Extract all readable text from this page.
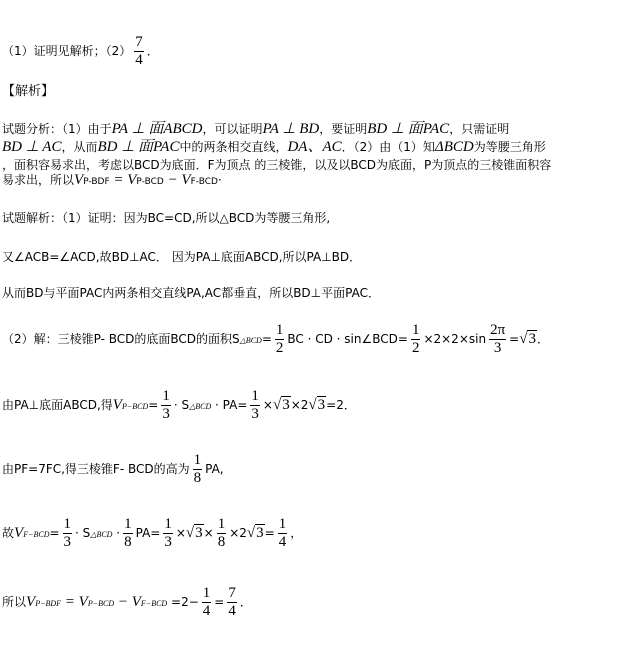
（1）证明见解析；$(2) \frac{7}{4}$ ．
【解析】
试题分析：（1）由于PA ⊥ 面ABCD，可以证明PA ⊥ BD，要证明BD ⊥ 面PAC，只需证明
BD ⊥ AC，从而BD ⊥ 面PAC中的两条相交直线，DA、AC．（2）由（1）知ΔBCD为等腰三角形
，面积容易求出，考虑以BCD为底面．F为顶点 的三棱锥，以及以BCD为底面，P为顶点的三棱锥面积容
易求出，所以VP-BDF = VP-BCD − VF-BCD·
试题解析：（1）证明：因为BC=CD,所以△BCD为等腰三角形,
又∠ACB=∠ACD,故BD⊥AC． 因为PA⊥底面ABCD,所以PA⊥BD．
从而BD与平面PAC内两条相交直线PA,AC都垂直，所以BD⊥平面PAC．
（2）解：三棱锥P- BCD的底面BCD的面积S△BCD= $\frac{1}{2}$ BC · CD · sin∠BCD= $\frac{1}{2} \times 2\times 2\times\sin \frac{2\pi}{3} =√3$．
由PA⊥底面ABCD,得$VP-BCD= \frac{1}{3}$ · S△BCD · $PA= \frac{1}{3} \times√3\times 2√3=2$．
由PF=7FC,得三棱锥F- BCD的高为 $\frac{1}{8}$ PA,
故$VF-BCD= \frac{1}{3}$ · S△BCD · $\frac{1}{8} PA= \frac{1}{3} \times√3\times \frac{1}{8} \times 2√3= \frac{1}{4}$ ，
所以$VP-BDF = VP-BCD - VF-BCD =2- \frac{1}{4} = \frac{7}{4}$ ．
